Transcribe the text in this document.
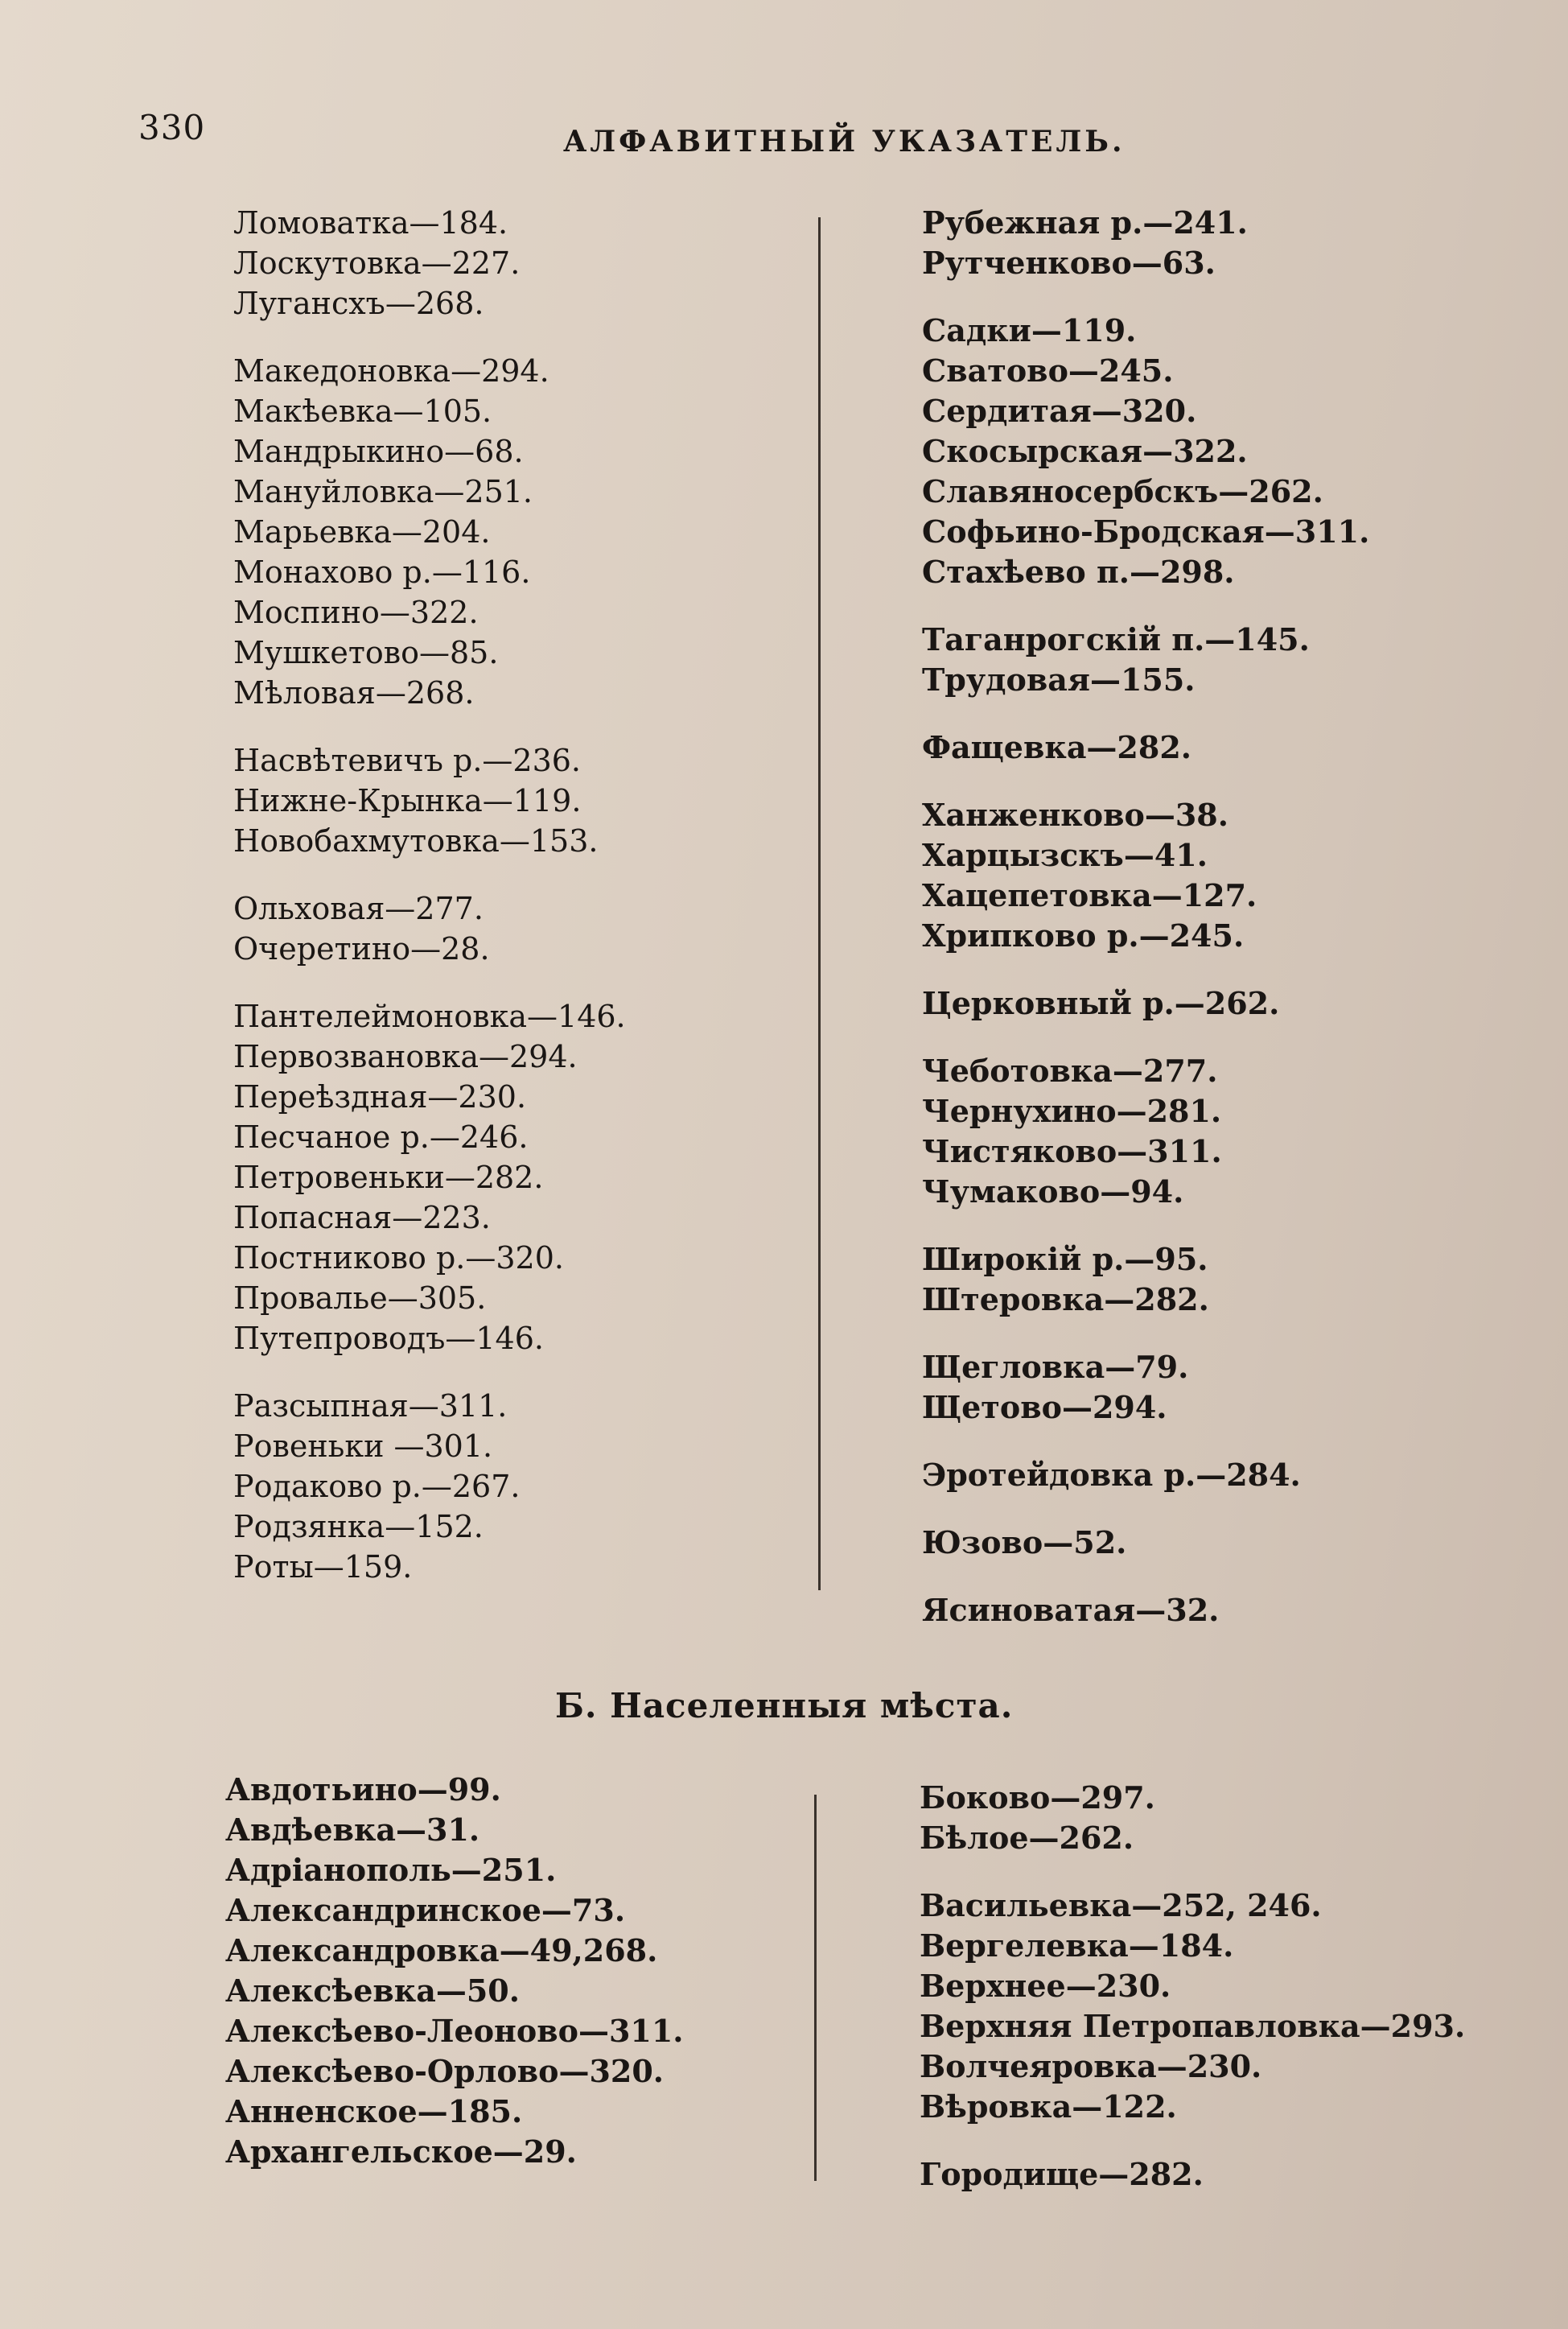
330	АЛФАВИТНЫЙ УКАЗАТЕЛЬ.
Ломоватка—184.
Лоскутовка—227.
Лугансхъ—268.
Македоновка—294.
Макѣевка—105.
Мандрыкино—68.
Мануйловка—251.
Марьевка—204.
Монахово р.—116.
Моспино—322.
Мушкетово—85.
Мѣловая—268.
Насвѣтевичъ р.—236.
Нижне-Крынка—119.
Новобахмутовка—153.
Ольховая—277.
Очеретино—28.
Пантелеймоновка—146.
Первозвановка—294.
Переѣздная—230.
Песчаное р.—246.
Петровеньки—282.
Попасная—223.
Постниково р.—320.
Провалье—305.
Путепроводъ—146.
Разсыпная—311.
Ровеньки —301.
Родаково р.—267.
Родзянка—152.
Роты—159.
Рубежная р.—241.
Рутченково—63.
Садки—119.
Сватово—245.
Сердитая—320.
Скосырская—322.
Славяносербскъ—262.
Софьино-Бродская—311.
Стахѣево п.—298.
Таганрогскій п.—145.
Трудовая—155.
Фащевка—282.
Ханженково—38.
Харцызскъ—41.
Хацепетовка—127.
Хрипково р.—245.
Церковный р.—262.
Чеботовка—277.
Чернухино—281.
Чистяково—311.
Чумаково—94.
Широкій р.—95.
Штеровка—282.
Щегловка—79.
Щетово—294.
Эротейдовка р.—284.
Юзово—52.
Ясиноватая—32.
Б. Населенныя мѣста.
Авдотьино—99.
Авдѣевка—31.
Адріанополь—251.
Александринское—73.
Александровка—49,268.
Алексѣевка—50.
Алексѣево-Леоново—311.
Алексѣево-Орлово—320.
Анненское—185.
Архангельское—29.
Боково—297.
Бѣлое—262.
Васильевка—252, 246.
Вергелевка—184.
Верхнее—230.
Верхняя Петропавловка—293.
Волчеяровка—230.
Вѣровка—122.
Городище—282.
